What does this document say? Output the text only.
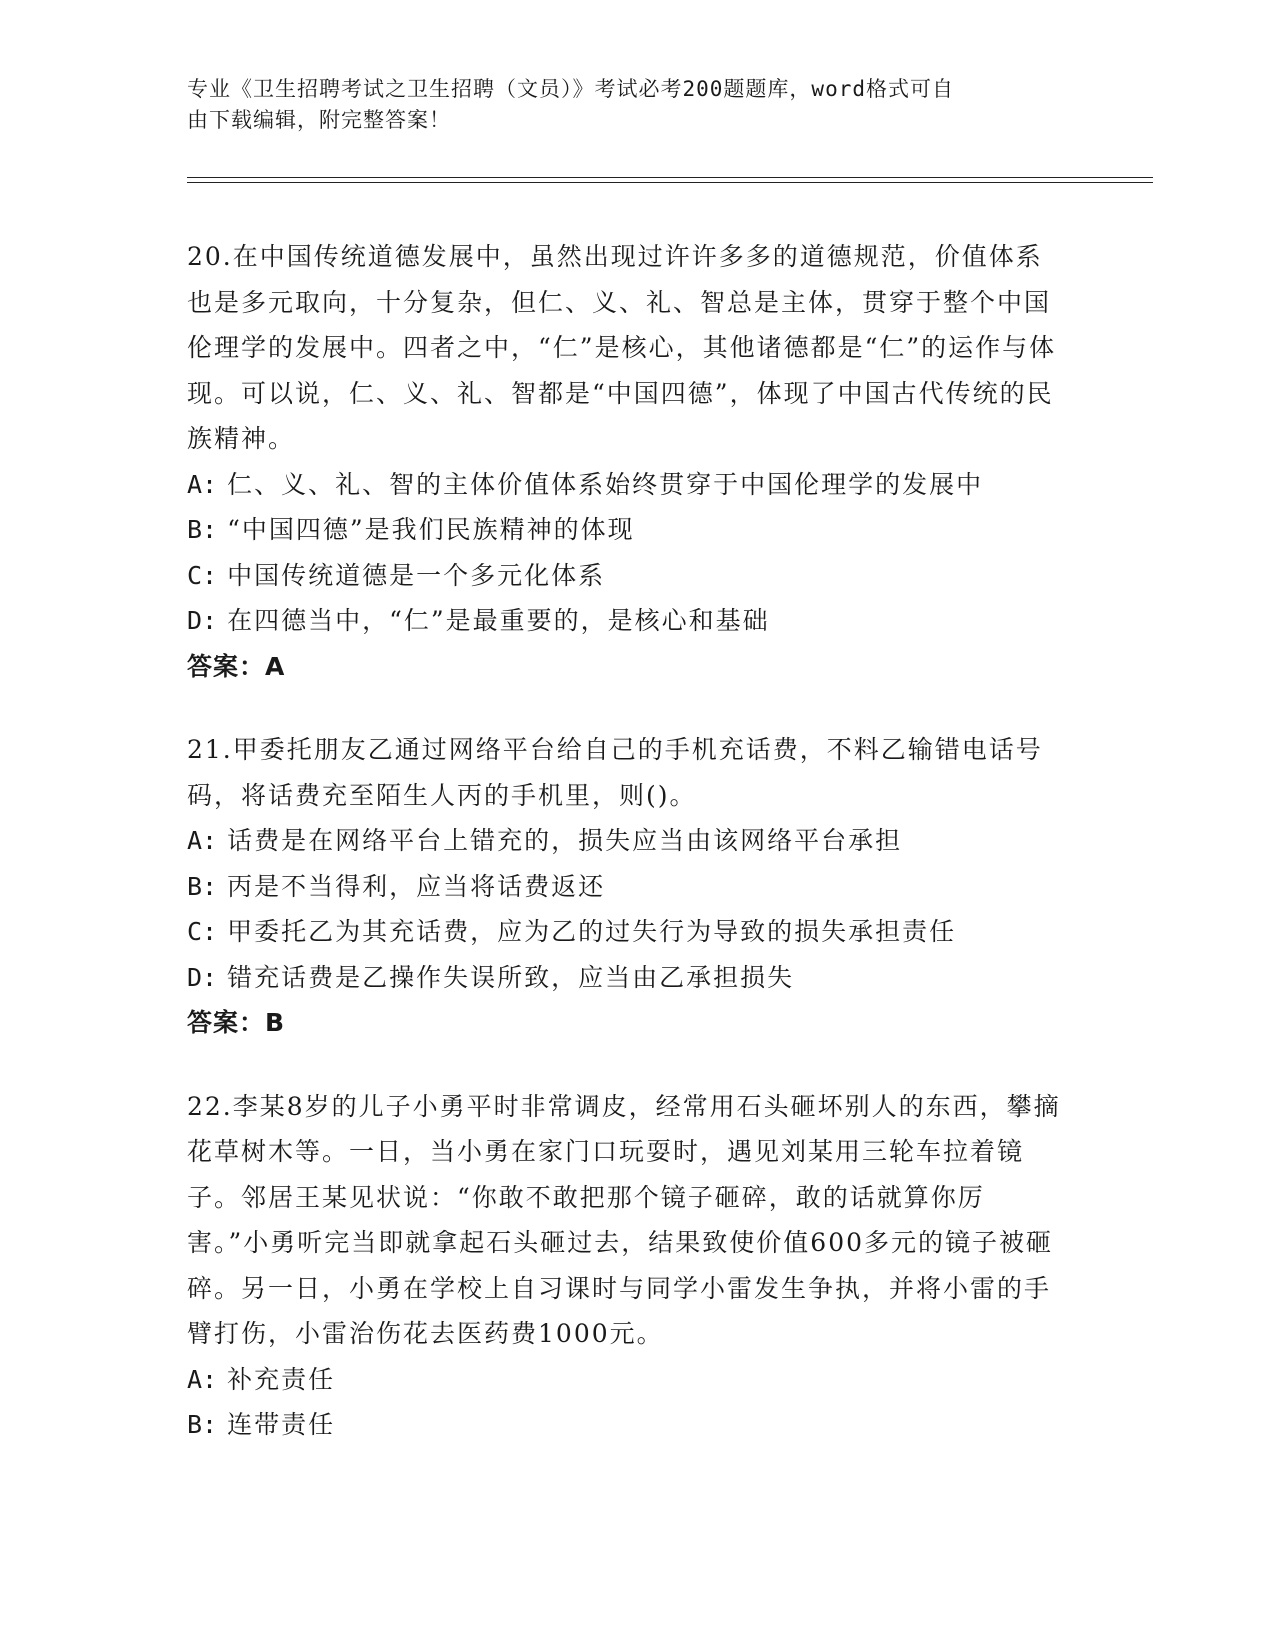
专业《卫生招聘考试之卫生招聘（文员）》考试必考200题题库，word格式可自
由下载编辑，附完整答案！
20.在中国传统道德发展中，虽然出现过许许多多的道德规范，价值体系也是多元取向，十分复杂，但仁、义、礼、智总是主体，贯穿于整个中国伦理学的发展中。四者之中，“仁”是核心，其他诸德都是“仁”的运作与体现。可以说，仁、义、礼、智都是“中国四德”，体现了中国古代传统的民族精神。
A: 仁、义、礼、智的主体价值体系始终贯穿于中国伦理学的发展中
B: “中国四德”是我们民族精神的体现
C: 中国传统道德是一个多元化体系
D: 在四德当中，“仁”是最重要的，是核心和基础
答案：A
21.甲委托朋友乙通过网络平台给自己的手机充话费，不料乙输错电话号码，将话费充至陌生人丙的手机里，则()。
A: 话费是在网络平台上错充的，损失应当由该网络平台承担
B: 丙是不当得利，应当将话费返还
C: 甲委托乙为其充话费，应为乙的过失行为导致的损失承担责任
D: 错充话费是乙操作失误所致，应当由乙承担损失
答案：B
22.李某8岁的儿子小勇平时非常调皮，经常用石头砸坏别人的东西，攀摘花草树木等。一日，当小勇在家门口玩耍时，遇见刘某用三轮车拉着镜子。邻居王某见状说：“你敢不敢把那个镜子砸碎，敢的话就算你厉害。”小勇听完当即就拿起石头砸过去，结果致使价值600多元的镜子被砸碎。另一日，小勇在学校上自习课时与同学小雷发生争执，并将小雷的手臂打伤，小雷治伤花去医药费1000元。
A: 补充责任
B: 连带责任
